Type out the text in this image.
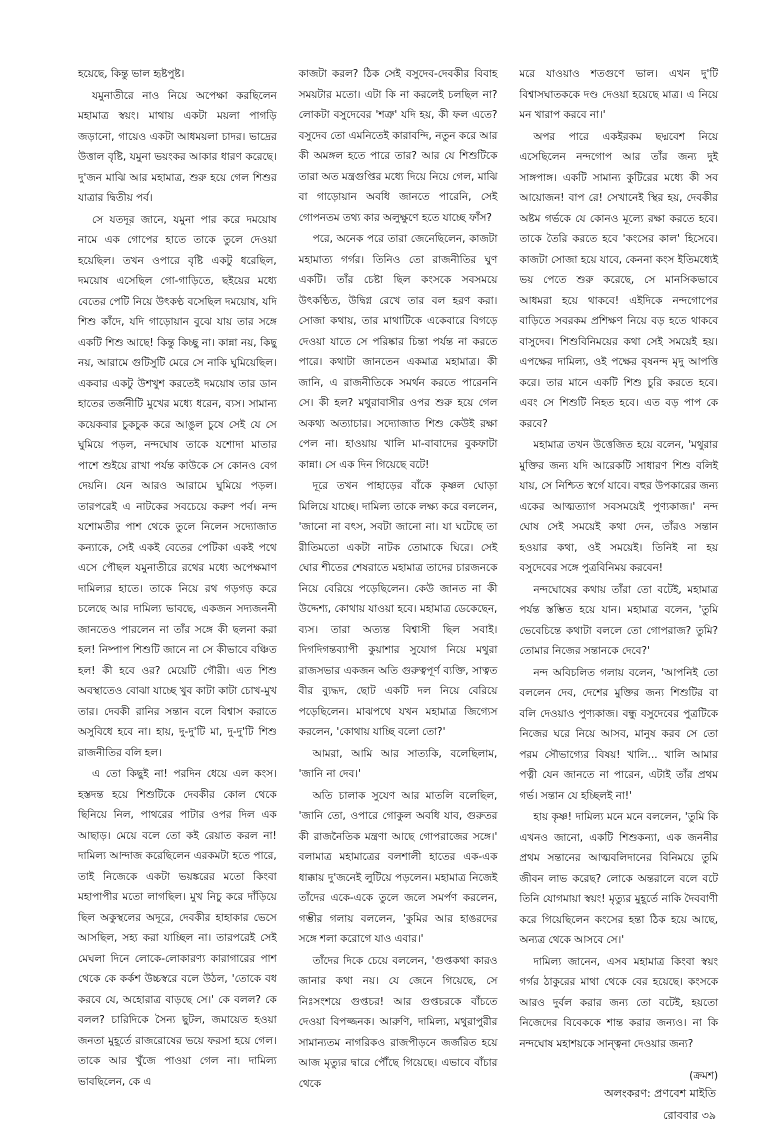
হয়েছে, কিন্তু ভাল হৃষ্টপুষ্ট।

যমুনাতীরে নাও নিয়ে অপেক্ষা করছিলেন মহামাত্র স্বয়ং। মাথায় একটা ময়লা পাগড়ি জড়ানো, গায়েও একটা আধময়লা চাদর। ভাদ্রের উত্তাল বৃষ্টি, যমুনা ভয়ংকর আকার ধারণ করেছে। দু'জন মাঝি আর মহামাত্র, শুরু হয়ে গেল শিশুর যাত্রার দ্বিতীয় পর্ব।

সে যতদূর জানে, যমুনা পার করে দময়োষ নামে এক গোপের হাতে তাকে তুলে দেওয়া হয়েছিল। তখন ওপারে বৃষ্টি একটু ধরেছিল, দময়োষ এসেছিল গো-গাড়িতে, ছইয়ের মধ্যে বেতের পেটি নিয়ে উৎকণ্ঠ বসেছিল দময়োষ, যদি শিশু কাঁদে, যদি গাড়োয়ান বুঝে যায় তার সঙ্গে একটি শিশু আছে! কিন্তু কিচ্ছু না। কান্না নয়, কিছু নয়, আরামে গুটিসুটি মেরে সে নাকি ঘুমিয়েছিল। একবার একটু উশখুশ করতেই দময়োষ তার ডান হাতের তর্জনীটি মুখের মধ্যে ধরেন, ব্যস। সামান্য কয়েকবার চুকচুক করে আঙুল চুষে সেই যে সে ঘুমিয়ে পড়ল, নন্দঘোষ তাকে যশোদা মাতার পাশে শুইয়ে রাখা পর্যন্ত কাউকে সে কোনও বেগ দেয়নি। যেন আরও আরামে ঘুমিয়ে পড়ল। তারপরেই এ নাটকের সবচেয়ে করুণ পর্ব। নন্দ যশোমতীর পাশ থেকে তুলে নিলেন সদ্যোজাত কন্যাকে, সেই একই বেতের পেটিকা একই পথে এসে পৌছল যমুনাতীরে রথের মধ্যে অপেক্ষমাণ দামিল্যর হাতে। তাকে নিয়ে রথ গড়গড় করে চলেছে আর দামিল্য ভাবছে, একজন সদ্যজননী জানতেও পারলেন না তাঁর সঙ্গে কী ছলনা করা হল! নিষ্পাপ শিশুটি জানে না সে কীভাবে বঞ্চিত হল! কী হবে ওর? মেয়েটি গৌরী। এত শিশু অবস্থাতেও বোঝা যাচ্ছে খুব কাটা কাটা চোখ-মুখ তার। দেবকী রানির সন্তান বলে বিশ্বাস করাতে অসুবিধে হবে না। হায়, দু-দু'টি মা, দু-দু'টি শিশু রাজনীতির বলি হল।

এ তো কিছুই না! পরদিন ধেয়ে এল কংস। হস্তদন্ত হয়ে শিশুটিকে দেবকীর কোল থেকে ছিনিয়ে নিল, পাথরের পাটার ওপর দিল এক আছাড়। মেয়ে বলে তো কই রেয়াত করল না! দামিল্য আন্দাজ করেছিলেন এরকমটা হতে পারে, তাই নিজেকে একটা ভয়ঙ্করের মতো কিংবা মহাপাপীর মতো লাগছিল। মুখ নিচু করে দাঁড়িয়ে ছিল অকুস্থলের অদূরে, দেবকীর হাহাকার ভেসে আসছিল, সহ্য করা যাচ্ছিল না। তারপরেই সেই মেঘলা দিনে লোকে-লোকারণ্য কারাগারের পাশ থেকে কে কর্কশ উচ্চস্বরে বলে উঠল, 'তোকে বধ করবে যে, অহোরাত্র বাড়ছে সে।' কে বলল? কে বলল? চারিদিকে সৈন্য ছুটল, জমায়েত হওয়া জনতা মুহূর্তে রাজরোষের ভয়ে ফরসা হয়ে গেল। তাকে আর খুঁজে পাওয়া গেল না। দামিল্য ভাবছিলেন, কে এ

কাজটা করল? ঠিক সেই বসুদেব-দেবকীর বিবাহ সময়টার মতো। এটা কি না করলেই চলছিল না? লোকটা বসুদেবের 'শত্রু' যদি হয়, কী ফল এতে? বসুদেব তো এমনিতেই কারাবন্দি, নতুন করে আর কী অমঙ্গল হতে পারে তার? আর যে শিশুটিকে তারা অত মন্ত্রগুপ্তির মধ্যে দিয়ে নিয়ে গেল, মাঝি বা গাড়োয়ান অবধি জানতে পারেনি, সেই গোপনতম তথ্য কার অলুক্ষুণে হতে যাচ্ছে ফাঁস?

পরে, অনেক পরে তারা জেনেছিলেন, কাজটা মহামাত্য গর্গর। তিনিও তো রাজনীতির ঘুণ একটি। তাঁর চেষ্টা ছিল কংসকে সবসময়ে উৎকণ্ঠিত, উদ্বিগ্ন রেখে তার বল হরণ করা। সোজা কথায়, তার মাথাটিকে একেবারে বিগড়ে দেওয়া যাতে সে পরিষ্কার চিন্তা পর্যন্ত না করতে পারে। কথাটা জানতেন একমাত্র মহামাত্র। কী জানি, এ রাজনীতিকে সমর্থন করতে পারেননি সে। কী হল? মথুরাবাসীর ওপর শুরু হয়ে গেল অকথ্য অত্যাচার। সদ্যোজাত শিশু কেউই রক্ষা পেল না। হাওয়ায় খালি মা-বাবাদের বুকফাটা কান্না। সে এক দিন গিয়েছে বটে!

দূরে তখন পাহাড়ের বাঁকে কৃষ্ণল ঘোড়া মিলিয়ে যাচ্ছে। দামিল্য তাকে লক্ষ্য করে বললেন, 'জানো না বৎস, সবটা জানো না। যা ঘটেছে তা রীতিমতো একটা নাটক তোমাকে ঘিরে। সেই ঘোর শীতের শেষরাতে মহামাত্র তাদের চারজনকে নিয়ে বেরিয়ে পড়েছিলেন। কেউ জানত না কী উদ্দেশ্য, কোথায় যাওয়া হবে। মহামাত্র ডেকেছেন, ব্যস। তারা অত্যন্ত বিশ্বাসী ছিল সবাই। দিগদিগন্তব্যাপী কুয়াশার সুযোগ নিয়ে মথুরা রাজসভার একজন অতি গুরুত্বপূর্ণ ব্যক্তি, সাত্বত বীর ব্যুদ্ধদ, ছোট একটি দল নিয়ে বেরিয়ে পড়েছিলেন। মাঝপথে যখন মহামাত্র জিগ্যেস করলেন, 'কোথায় যাচ্ছি বলো তো?'

আমরা, আমি আর সাত্যকি, বলেছিলাম, 'জানি না দেব।'

অতি চালাক সুযেণ আর মাতলি বলেছিল, 'জানি তো, ওপারে গোকুল অবধি যাব, গুরুতর কী রাজনৈতিক মন্ত্রণা আছে গোপরাজের সঙ্গে।' বলামাত্র মহামাত্রের বলশালী হাতের এক-এক ধাক্কায় দু'জনেই লুটিয়ে পড়লেন। মহামাত্র নিজেই তাঁদের একে-একে তুলে জলে সমর্পণ করলেন, গম্ভীর গলায় বললেন, 'কুমির আর হাঙরদের সঙ্গে শলা করোগে যাও এবার।'

তাঁদের দিকে চেয়ে বললেন, 'গুপ্তকথা কারও জানার কথা নয়। যে জেনে গিয়েছে, সে নিঃসংশয়ে গুপ্তচর! আর গুপ্তচরকে বাঁচতে দেওয়া বিপজ্জনক। আরুণি, দামিল্য, মথুরাপুরীর সামান্যতম নাগরিকও রাজপীড়নে জর্জরিত হয়ে আজ মৃত্যুর দ্বারে পৌঁছে গিয়েছে। এভাবে বাঁচার থেকে

মরে যাওয়াও শতগুণে ভাল। এখন দু'টি বিশ্বাসঘাতককে দণ্ড দেওয়া হয়েছে মাত্র। এ নিয়ে মন খারাপ করবে না।'

অপর পারে একইরকম ছদ্মবেশ নিয়ে এসেছিলেন নন্দগোপ আর তাঁর জন্য দুই সাঙ্গপাঙ্গ। একটি সামান্য কুটিরের মধ্যে কী সব আয়োজন! বাপ রে! সেখানেই স্থির হয়, দেবকীর অষ্টম গর্ভকে যে কোনও মূল্যে রক্ষা করতে হবে। তাকে তৈরি করতে হবে 'কংসের কাল' হিসেবে। কাজটা সোজা হয়ে যাবে, কেননা কংস ইতিমধ্যেই ভয় পেতে শুরু করেছে, সে মানসিকভাবে আধমরা হয়ে থাকবে! এইদিকে নন্দগোপের বাড়িতে সবরকম প্রশিক্ষণ নিয়ে বড় হতে থাকবে বাসুদেব। শিশুবিনিময়ের কথা সেই সময়েই হয়। এপক্ষের দামিল্য, ওই পক্ষের বৃষনন্দ মৃদু আপত্তি করে। তার মানে একটি শিশু চুরি করতে হবে। এবং সে শিশুটি নিহত হবে। এত বড় পাপ কে করবে?

মহামাত্র তখন উত্তেজিত হয়ে বলেন, 'মথুরার মুক্তির জন্য যদি আরেকটি সাধারণ শিশু বলিই যায়, সে নিশ্চিত স্বর্গে যাবে। বহুর উপকারের জন্য একের আত্মত্যাগ সবসময়েই পুণ্যকাজ।' নন্দ ঘোষ সেই সময়েই কথা দেন, তাঁরও সন্তান হওয়ার কথা, ওই সময়েই। তিনিই না হয় বসুদেবের সঙ্গে পুত্রবিনিময় করবেন!

নন্দঘোষের কথায় তাঁরা তো বটেই, মহামাত্র পর্যন্ত স্তম্ভিত হয়ে যান। মহামাত্র বলেন, 'তুমি ভেবেচিন্তে কথাটা বললে তো গোপরাজ? তুমি? তোমার নিজের সন্তানকে দেবে?'

নন্দ অবিচলিত গলায় বলেন, 'আপনিই তো বললেন দেব, দেশের মুক্তির জন্য শিশুটির বা বলি দেওয়াও পুণ্যকাজ। বন্ধু বসুদেবের পুত্রটিকে নিজের ঘরে নিয়ে আসব, মানুষ করব সে তো পরম সৌভাগ্যের বিষয়! খালি... খালি আমার পত্নী যেন জানতে না পারেন, এটাই তাঁর প্রথম গর্ভ। সন্তান যে হচ্ছিলই না!'

হায় কৃষ্ণ! দামিল্য মনে মনে বললেন, 'তুমি কি এখনও জানো, একটি শিশুকন্যা, এক জননীর প্রথম সন্তানের আত্মবলিদানের বিনিময়ে তুমি জীবন লাভ করেছ? লোকে অন্তরালে বলে বটে তিনি যোগমায়া স্বয়ং! মৃত্যুর মুহূর্তে নাকি দৈববাণী করে গিয়েছিলেন কংসের হন্তা ঠিক হয়ে আছে, অন্যত্র থেকে আসবে সে।'

দামিল্য জানেন, এসব মহামাত্র কিংবা স্বয়ং গর্গর ঠাকুরের মাথা থেকে বের হয়েছে। কংসকে আরও দুর্বল করার জন্য তো বটেই, হয়তো নিজেদের বিবেককে শান্ত করার জন্যও। না কি নন্দঘোষ মহাশয়কে সান্ত্বনা দেওয়ার জন্য?

(ক্রমশ)

অলংকরণ: প্রণবেশ মাইতি
রোববার ৩৯
